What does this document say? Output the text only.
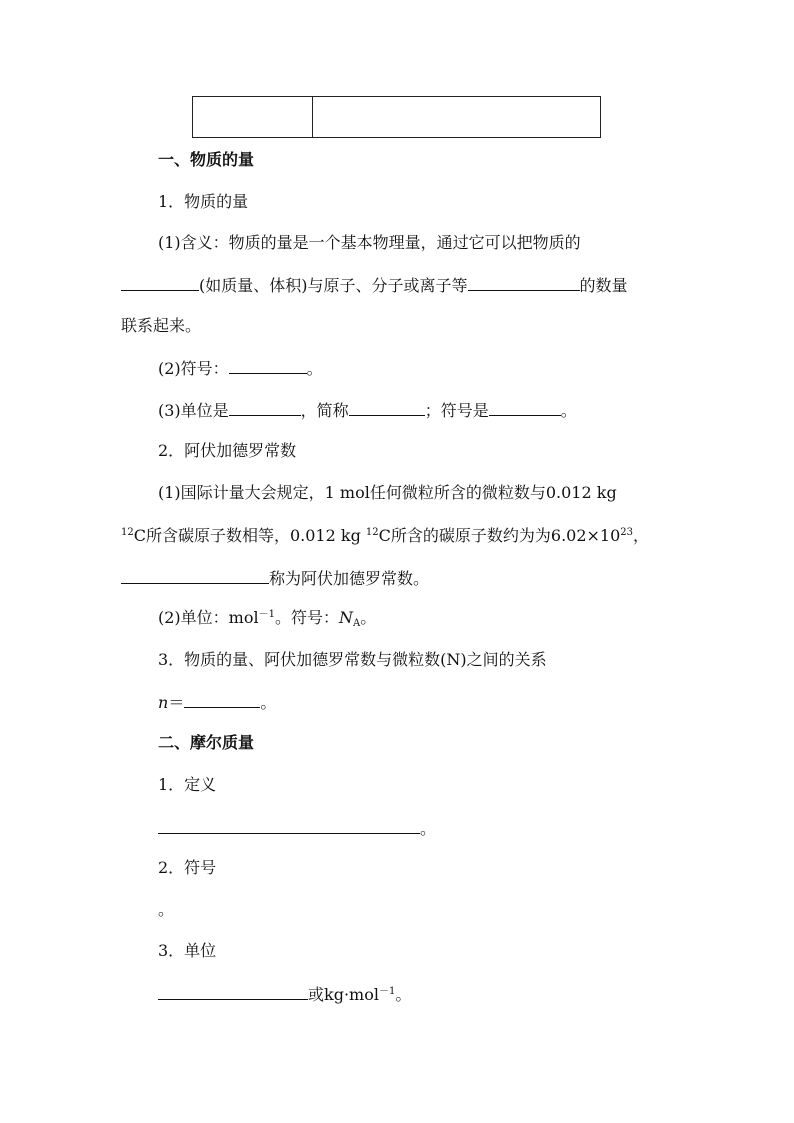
一、物质的量
1．物质的量
(1)含义：物质的量是一个基本物理量，通过它可以把物质的
(如质量、体积)与原子、分子或离子等	的数量
联系起来。
(2)符号：	。
(3)单位是	，简称	；符号是	。
2．阿伏加德罗常数
(1)国际计量大会规定，1 mol任何微粒所含的微粒数与0.012 kg
$^{12}$C所含碳原子数相等，0.012 kg $^{12}$C所含的碳原子数约为为$6.02\times 10^{23}$，
称为阿伏加德罗常数。
(2)单位：mol$^{-1}$。符号：$N_A$。
3．物质的量、阿伏加德罗常数与微粒数(N)之间的关系
n＝	。
二、摩尔质量
1．定义
。
2．符号
。
3．单位
或kg·mol$^{-1}$。
